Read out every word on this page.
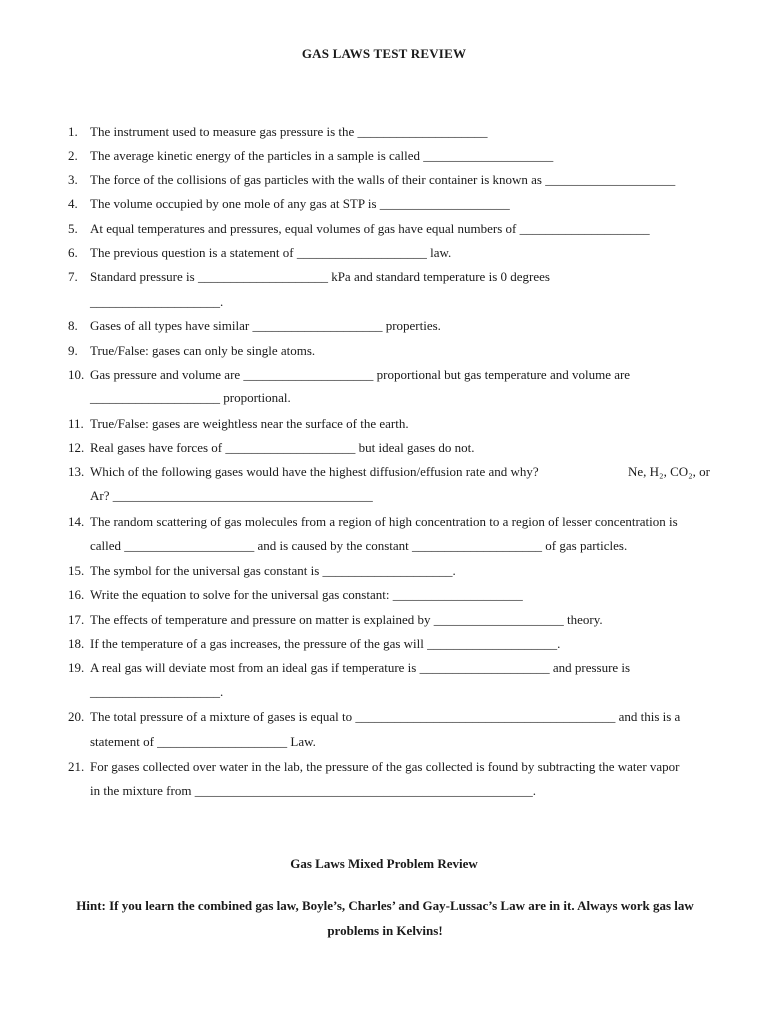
GAS LAWS TEST REVIEW
1. The instrument used to measure gas pressure is the ____________________
2. The average kinetic energy of the particles in a sample is called ____________________
3. The force of the collisions of gas particles with the walls of their container is known as ____________________
4. The volume occupied by one mole of any gas at STP is ____________________
5. At equal temperatures and pressures, equal volumes of gas have equal numbers of ____________________
6. The previous question is a statement of ____________________ law.
7. Standard pressure is ____________________ kPa and standard temperature is 0 degrees
____________________.
8. Gases of all types have similar ____________________ properties.
9. True/False: gases can only be single atoms.
10. Gas pressure and volume are ____________________ proportional but gas temperature and volume are
____________________ proportional.
11. True/False: gases are weightless near the surface of the earth.
12. Real gases have forces of ____________________ but ideal gases do not.
13. Which of the following gases would have the highest diffusion/effusion rate and why?	Ne, H₂, CO₂, or
Ar? ________________________________________
14. The random scattering of gas molecules from a region of high concentration to a region of lesser concentration is
called ____________________ and is caused by the constant ____________________ of gas particles.
15. The symbol for the universal gas constant is ____________________.
16. Write the equation to solve for the universal gas constant: ____________________
17. The effects of temperature and pressure on matter is explained by ____________________ theory.
18. If the temperature of a gas increases, the pressure of the gas will ____________________.
19. A real gas will deviate most from an ideal gas if temperature is ____________________ and pressure is
____________________.
20. The total pressure of a mixture of gases is equal to ________________________________________ and this is a
statement of ____________________ Law.
21. For gases collected over water in the lab, the pressure of the gas collected is found by subtracting the water vapor
in the mixture from ____________________________________________________.
Gas Laws Mixed Problem Review
Hint: If you learn the combined gas law, Boyle’s, Charles’ and Gay-Lussac’s Law are in it. Always work gas law
problems in Kelvins!
